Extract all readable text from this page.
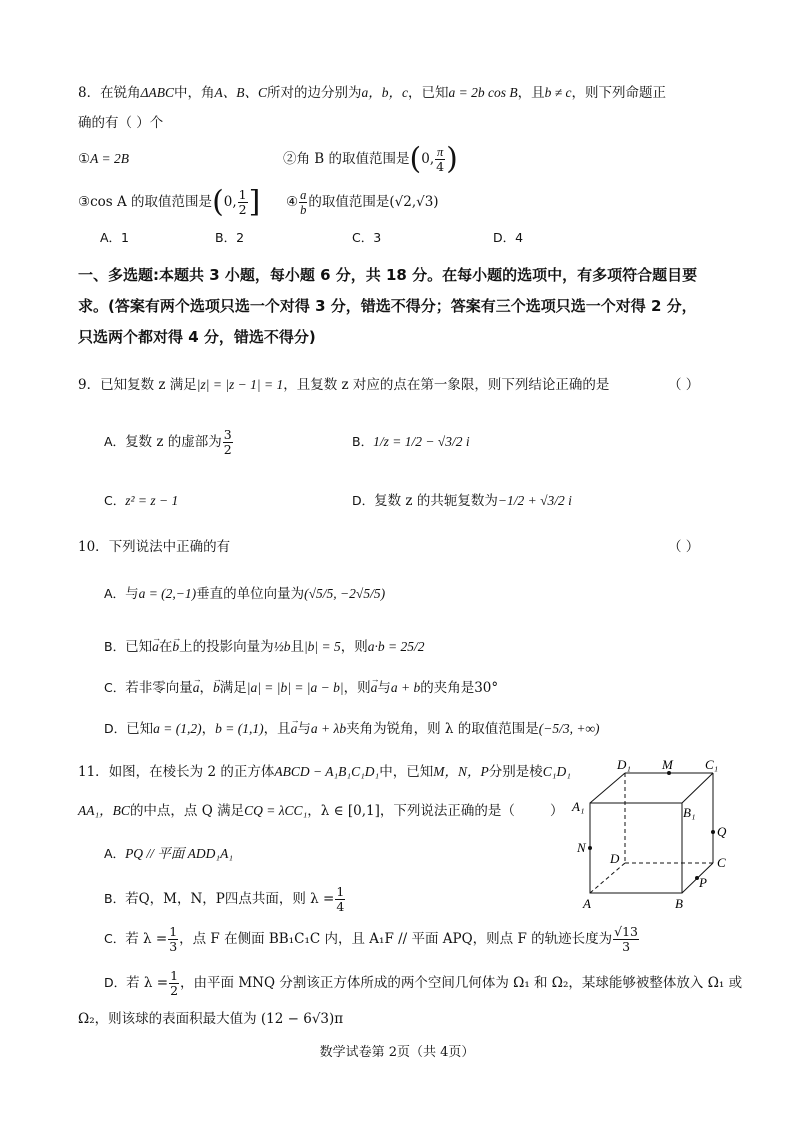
8．在锐角ΔABC中，角A、B、C所对的边分别为a，b，c，已知a = 2b cos B，且b ≠ c，则下列命题正
确的有（ ）个
①A = 2B	②角 B 的取值范围是(0, $\frac{\pi}{4}$ )
③cos A 的取值范围是(0, $\frac{1}{2}$ ] ④ $\frac{a}{b}$ 的取值范围是(√2,√3)
A．1	B．2	C．3	D．4
一、多选题:本题共 3 小题，每小题 6 分，共 18 分。在每小题的选项中，有多项符合题目要
求。(答案有两个选项只选一个对得 3 分，错选不得分；答案有三个选项只选一个对得 2 分，
只选两个都对得 4 分，错选不得分)
9．已知复数 z 满足|z| = |z − 1| = 1，且复数 z 对应的点在第一象限，则下列结论正确的是	（ ）
A．复数 z 的虚部为 $\frac{3}{2}$	B．1/z = 1/2 − √3/2 i
C．z² = z − 1	D．复数 z 的共轭复数为−1/2 + √3/2 i
10．下列说法中正确的有	（ ）
A．与a = (2,−1)垂直的单位向量为(√5/5, −2√5/5)
B．已知→ a在→ b上的投影向量为½b且|b| = 5，则a·b = 25/2
C．若非零向量→ a，→ b满足|a| = |b| = |a − b|，则→ a与a + b的夹角是30°
D．已知a = (1,2)，b = (1,1)，且→ a与a + λb夹角为锐角，则 λ 的取值范围是(−5/3, +∞)
11．如图，在棱长为 2 的正方体ABCD − A₁B₁C₁D₁中，已知M，N，P分别是棱C₁D₁
AA₁，BC的中点，点 Q 满足CQ = λCC₁，λ ∈ [0,1]，下列说法正确的是（	）
A．PQ // 平面 ADD₁A₁
B．若Q，M，N，P四点共面，则 $\lambda = \frac{1}{4}$
C．若 $\lambda = \frac{1}{3}$ ，点 F 在侧面 BB₁C₁C 内，且 A₁F // 平面 APQ，则点 F 的轨迹长度为 $\frac{√13}{3}$
D．若 $\lambda = \frac{1}{2}$ ，由平面 MNQ 分割该正方体所成的两个空间几何体为 Ω₁ 和 Ω₂，某球能够被整体放入 Ω₁ 或
Ω₂，则该球的表面积最大值为 (12 − 6√3)π
D₁ M C₁
A₁	B₁
Q
N
D	C
P
A	B
数学试卷第 2页（共 4页）
